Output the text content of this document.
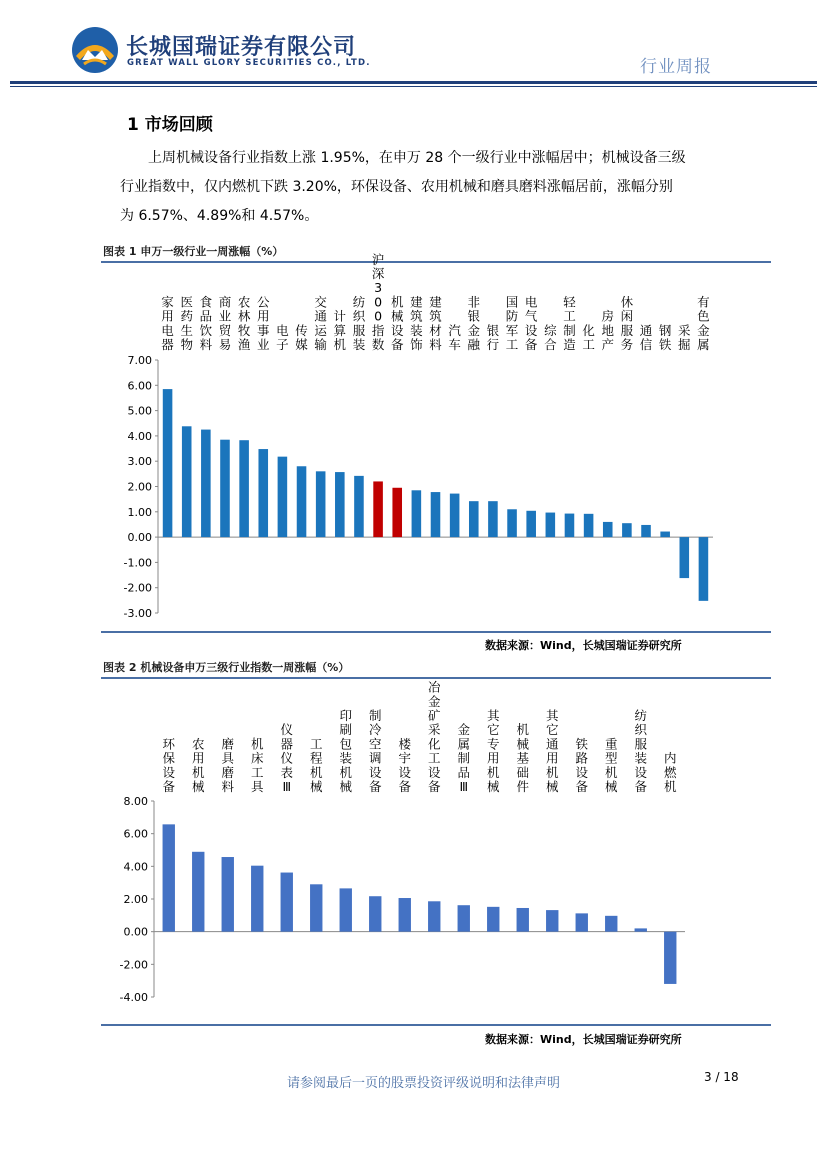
长城国瑞证券有限公司
GREAT WALL GLORY SECURITIES CO., LTD.	行业周报
1 市场回顾

　　上周机械设备行业指数上涨 1.95%，在申万 28 个一级行业中涨幅居中；机械设备三级

行业指数中，仅内燃机下跌 3.20%，环保设备、农用机械和磨具磨料涨幅居前，涨幅分别

为 6.57%、4.89%和 4.57%。

图表 1 申万一级行业一周涨幅（%）
7.00
6.00
5.00
4.00
3.00
2.00
1.00
0.00
-1.00
-2.00
-3.00
家用电器
医药生物
食品饮料
商业贸易
农林牧渔
公用事业
电子
传媒
交通运输
计算机
纺织服装
沪深 3 0 0 指数
机械设备
建筑装饰
建筑材料
汽车
非银金融
银行
国防军工
电气设备
综合
轻工制造
化工
房地产
休闲服务
通信
钢铁
采掘
有色金属
数据来源：Wind，长城国瑞证券研究所
图表 2 机械设备申万三级行业指数一周涨幅（%）
8.00
6.00
4.00
2.00
0.00
-2.00
-4.00
环保设备
农用机械
磨具磨料
机床工具
仪器仪表 Ⅲ
工程机械
印刷包装机械
制冷空调设备
楼宇设备
冶金矿采化工设备
金属制品 Ⅲ
其它专用机械
机械基础件
其它通用机械
铁路设备
重型机械
纺织服装设备
内燃机
数据来源：Wind，长城国瑞证券研究所
请参阅最后一页的股票投资评级说明和法律声明	3 / 18
